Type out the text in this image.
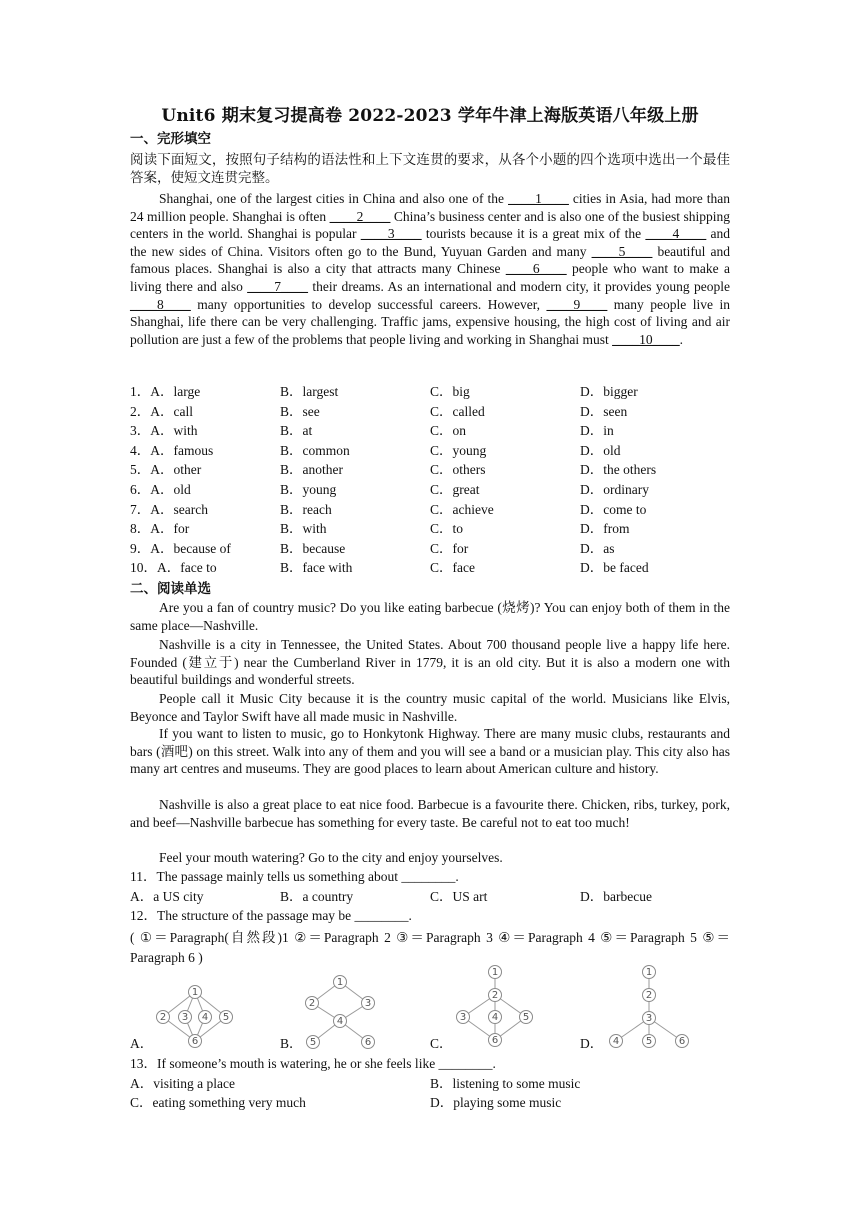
Unit6 期末复习提高卷 2022-2023 学年牛津上海版英语八年级上册
一、完形填空
阅读下面短文，按照句子结构的语法性和上下文连贯的要求，从各个小题的四个选项中选出一个最佳答案，使短文连贯完整。
Shanghai, one of the largest cities in China and also one of the ____1____ cities in Asia, had more than 24 million people. Shanghai is often ____2____ China’s business center and is also one of the busiest shipping centers in the world. Shanghai is popular ____3____ tourists because it is a great mix of the ____4____ and the new sides of China. Visitors often go to the Bund, Yuyuan Garden and many ____5____ beautiful and famous places. Shanghai is also a city that attracts many Chinese ____6____ people who want to make a living there and also ____7____ their dreams. As an international and modern city, it provides young people ____8____ many opportunities to develop successful careers. However, ____9____ many people live in Shanghai, life there can be very challenging. Traffic jams, expensive housing, the high cost of living and air pollution are just a few of the problems that people living and working in Shanghai must ____10____.
1．A．large	B．largest	C．big	D．bigger
2．A．call	B．see	C．called	D．seen
3．A．with	B．at	C．on	D．in
4．A．famous	B．common	C．young	D．old
5．A．other	B．another	C．others	D．the others
6．A．old	B．young	C．great	D．ordinary
7．A．search	B．reach	C．achieve	D．come to
8．A．for	B．with	C．to	D．from
9．A．because of	B．because	C．for	D．as
10．A．face to	B．face with	C．face	D．be faced
二、阅读单选
Are you a fan of country music? Do you like eating barbecue (烧烤)? You can enjoy both of them in the same place—Nashville.
Nashville is a city in Tennessee, the United States. About 700 thousand people live a happy life here. Founded (建立于) near the Cumberland River in 1779, it is an old city. But it is also a modern one with beautiful buildings and wonderful streets.
People call it Music City because it is the country music capital of the world. Musicians like Elvis, Beyonce and Taylor Swift have all made music in Nashville.
If you want to listen to music, go to Honkytonk Highway. There are many music clubs, restaurants and bars (酒吧) on this street. Walk into any of them and you will see a band or a musician play. This city also has many art centres and museums. They are good places to learn about American culture and history.
Nashville is also a great place to eat nice food. Barbecue is a favourite there. Chicken, ribs, turkey, pork, and beef—Nashville barbecue has something for every taste. Be careful not to eat too much!
Feel your mouth watering? Go to the city and enjoy yourselves.
11．The passage mainly tells us something about ________.
A．a US city	B．a country	C．US art	D．barbecue
12．The structure of the passage may be ________.
( ①＝Paragraph(自然段)1 ②＝Paragraph 2 ③＝Paragraph 3 ④＝Paragraph 4 ⑤＝Paragraph 5 ⑤＝Paragraph 6 )
A．	B．	C．	D．
1
2 3 4 5
6
1
2	3
4
5	6
1
2
3	4 5
6
1
2
3
4	5	6
13．If someone’s mouth is watering, he or she feels like ________.
A．visiting a place	B．listening to some music
C．eating something very much	D．playing some music
